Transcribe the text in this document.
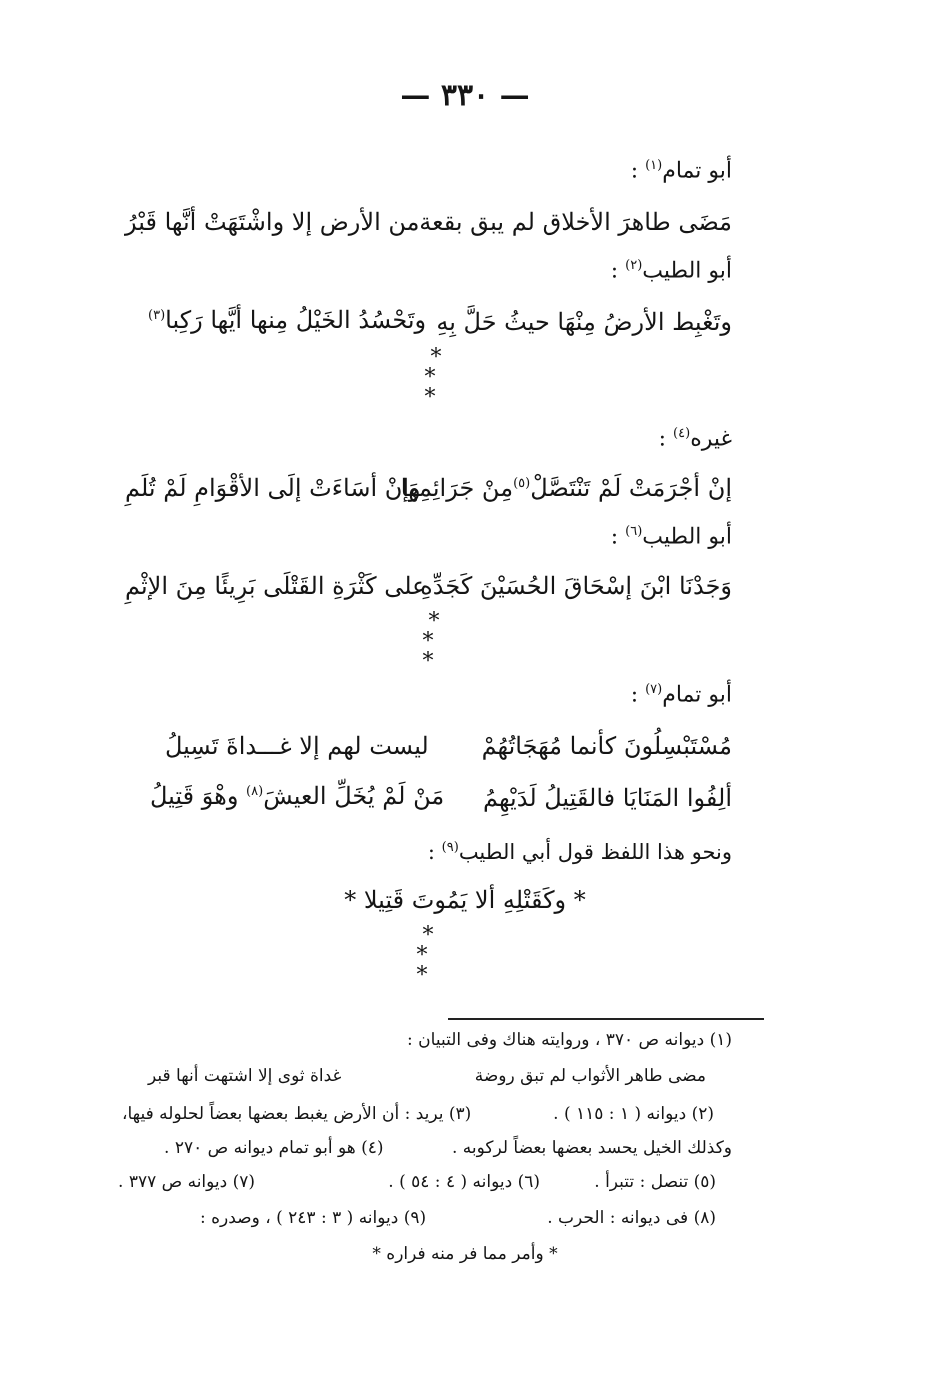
— ٣٣٠ —
أبو تمام$^{(١)}$ :
مَضَى طاهرَ الأخلاق لم يبق بقعة
من الأرض إلا واشْتَهَتْ أنَّها قَبْرُ
أبو الطيب$^{(٢)}$ :
وتَغْبِط الأرضُ مِنْهَا حيثُ حَلَّ بِهِ
وتَحْسُدُ الخَيْلُ مِنها أيَّها رَكِبا$^{(٣)}$
*
* *
غيره$^{(٤)}$ :
إنْ أجْرَمَتْ لَمْ تَنْتَصَّلْ$^{(٥)}$مِنْ جَرَائِمِهَا
وإنْ أسَاءَتْ إلَى الأقْوَامِ لَمْ تُلَمِ
أبو الطيب$^{(٦)}$ :
وَجَدْنَا ابْنَ إسْحَاقَ الحُسَيْنَ كَجَدِّهِ
على كَثْرَةِ القَتْلَى بَرِيئًا مِنَ الإثْمِ
*
* *
أبو تمام$^{(٧)}$ :
مُسْتَبْسِلُونَ كأنما مُهَجَاتُهُمْ
ليست لهم إلا غـــداةَ تَسِيلُ
ألِفُوا المَنَايَا فالقَتِيلُ لَدَيْهِمُ
مَنْ لَمْ يُخَلِّ العيشَ$^{(٨)}$ وهْوَ قَتِيلُ
ونحو هذا اللفظ قول أبي الطيب$^{(٩)}$ :
* وكَقَتْلِهِ ألا يَمُوتَ قَتِيلا *
*
* *
(١) ديوانه ص ٣٧٠ ، وروايته هناك وفى التبيان :
مضى طاهر الأثواب لم تبق روضة
غداة ثوى إلا اشتهت أنها قبر
(٢) ديوانه ( ١ : ١١٥ ) .
(٣) يريد : أن الأرض يغبط بعضها بعضاً لحلوله فيها،
وكذلك الخيل يحسد بعضها بعضاً لركوبه .
(٤) هو أبو تمام ديوانه ص ٢٧٠ .
(٥) تنصل : تتبرأ .
(٦) ديوانه ( ٤ : ٥٤ ) .
(٧) ديوانه ص ٣٧٧ .
(٨) فى ديوانه : الحرب .
(٩) ديوانه ( ٣ : ٢٤٣ ) ، وصدره :
* وأمر مما فر منه فراره *
